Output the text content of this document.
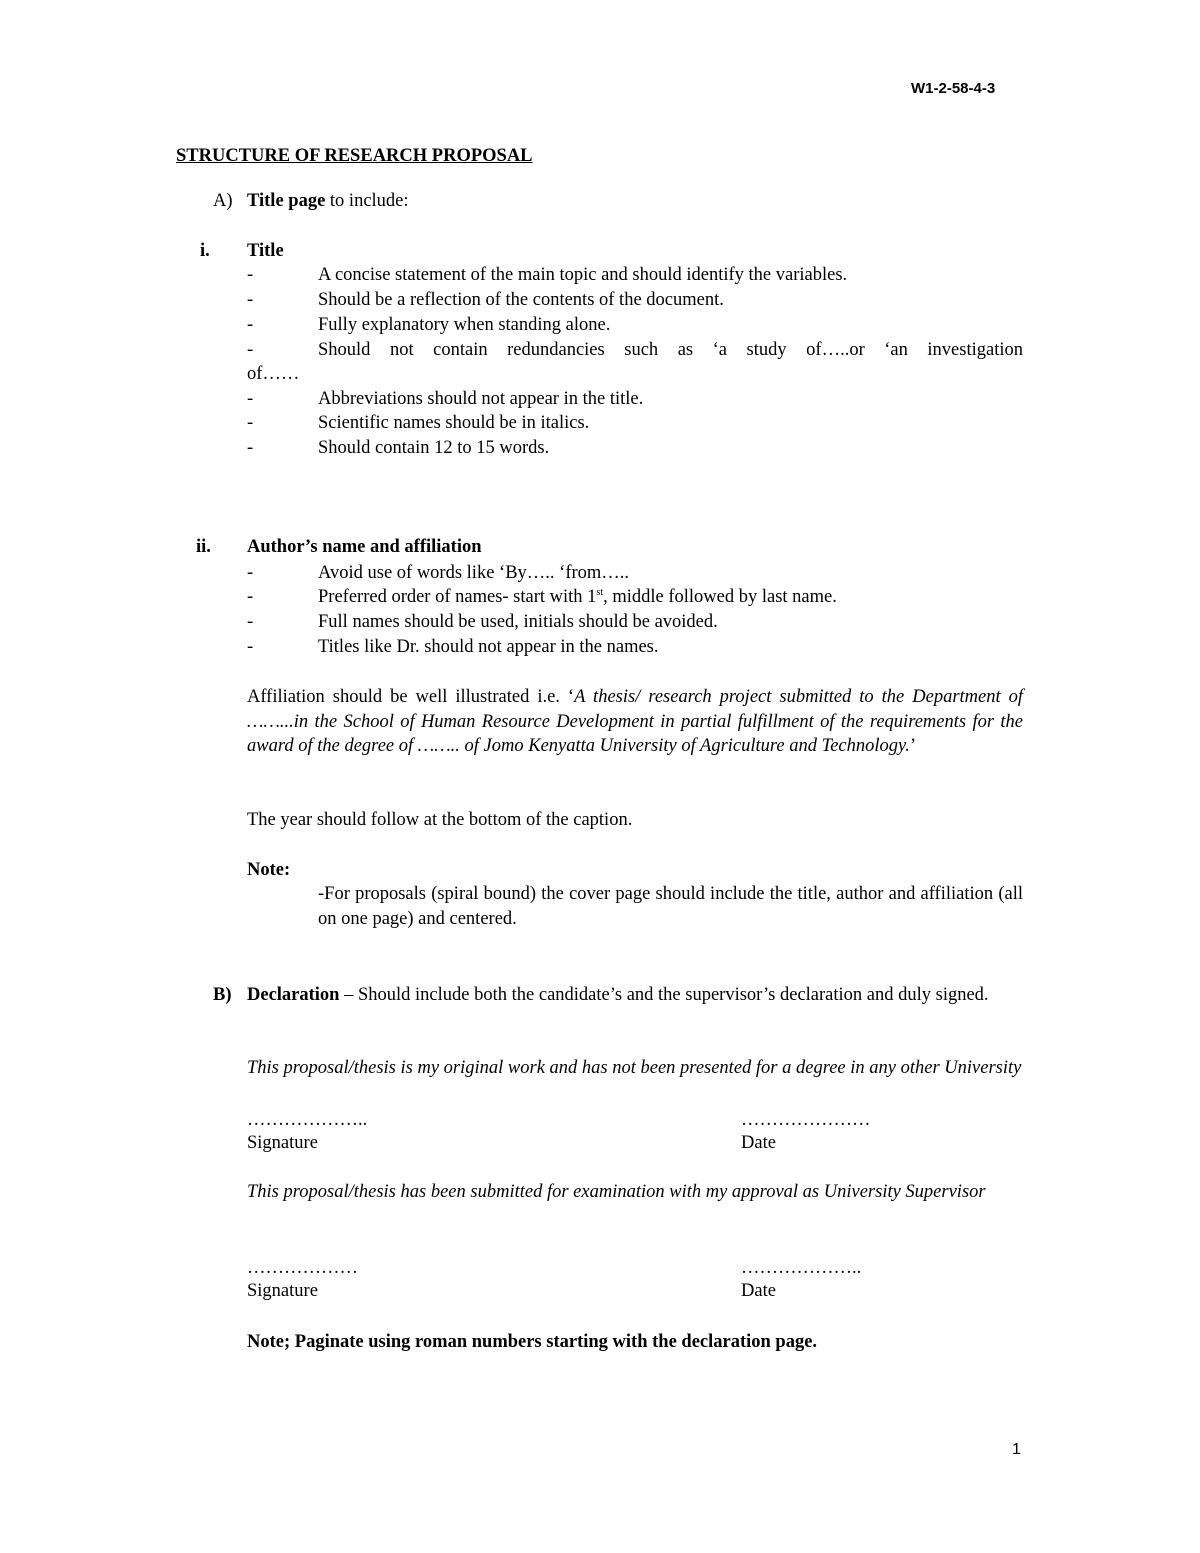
W1-2-58-4-3
STRUCTURE OF RESEARCH PROPOSAL
A) Title page to include:
i. Title
-	A concise statement of the main topic and should identify the variables.
-	Should be a reflection of the contents of the document.
-	Fully explanatory when standing alone.
-	Should not contain redundancies such as ‘a study of…..or ‘an investigation
of……
-	Abbreviations should not appear in the title.
-	Scientific names should be in italics.
-	Should contain 12 to 15 words.
ii. Author’s name and affiliation
-	Avoid use of words like ‘By….. ‘from…..
-	Preferred order of names- start with 1st, middle followed by last name.
-	Full names should be used, initials should be avoided.
-	Titles like Dr. should not appear in the names.
Affiliation should be well illustrated i.e. ‘A thesis/ research project submitted to the Department of ……...in the School of Human Resource Development in partial fulfillment of the requirements for the award of the degree of …….. of Jomo Kenyatta University of Agriculture and Technology.’
The year should follow at the bottom of the caption.
Note:
-For proposals (spiral bound) the cover page should include the title, author and affiliation (all on one page) and centered.
B) Declaration – Should include both the candidate’s and the supervisor’s declaration and duly signed.
This proposal/thesis is my original work and has not been presented for a degree in any other University
………………..	…………………
Signature	Date
This proposal/thesis has been submitted for examination with my approval as University Supervisor
………………	………………..
Signature	Date
Note; Paginate using roman numbers starting with the declaration page.
1
